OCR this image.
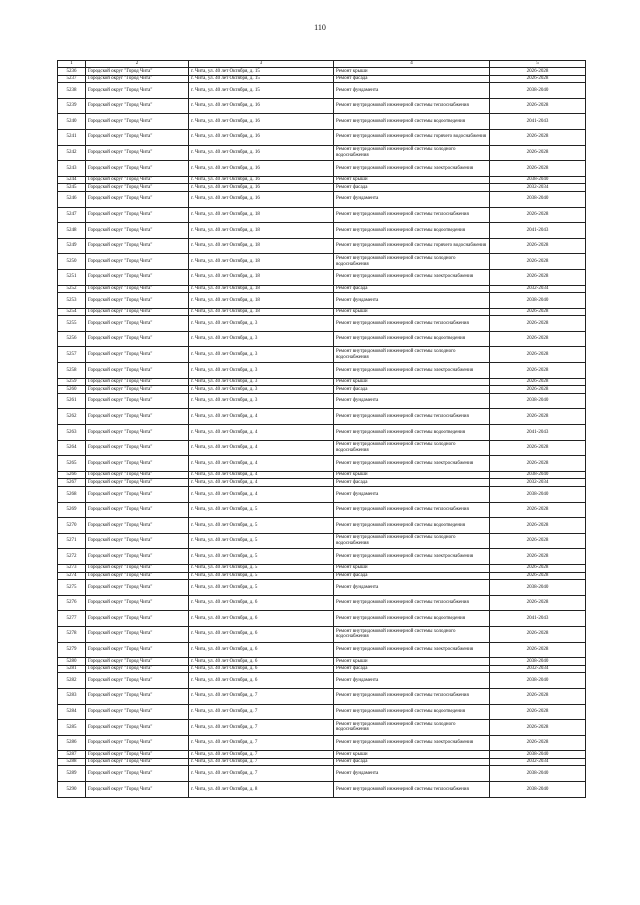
110
1	2	3	4	5
5236	Городской округ "Город Чита"	г. Чита, ул. 40 лет Октября, д. 15	Ремонт крыши	2026-2028
5237	Городской округ "Город Чита"	г. Чита, ул. 40 лет Октября, д. 15	Ремонт фасада	2026-2028
5238	Городской округ "Город Чита"	г. Чита, ул. 40 лет Октября, д. 15	Ремонт фундамента	2038-2040
5239	Городской округ "Город Чита"	г. Чита, ул. 40 лет Октября, д. 16	Ремонт внутридомовой инженерной системы теплоснабжения	2026-2028
5240	Городской округ "Город Чита"	г. Чита, ул. 40 лет Октября, д. 16	Ремонт внутридомовой инженерной системы водоотведения	2041-2043
5241	Городской округ "Город Чита"	г. Чита, ул. 40 лет Октября, д. 16	Ремонт внутридомовой инженерной системы горячего водоснабжения	2026-2028
5242	Городской округ "Город Чита"	г. Чита, ул. 40 лет Октября, д. 16	Ремонт внутридомовой инженерной системы холодного водоснабжения	2026-2028
5243	Городской округ "Город Чита"	г. Чита, ул. 40 лет Октября, д. 16	Ремонт внутридомовой инженерной системы электроснабжения	2026-2028
5244	Городской округ "Город Чита"	г. Чита, ул. 40 лет Октября, д. 16	Ремонт крыши	2038-2040
5245	Городской округ "Город Чита"	г. Чита, ул. 40 лет Октября, д. 16	Ремонт фасада	2032-2034
5246	Городской округ "Город Чита"	г. Чита, ул. 40 лет Октября, д. 16	Ремонт фундамента	2038-2040
5247	Городской округ "Город Чита"	г. Чита, ул. 40 лет Октября, д. 18	Ремонт внутридомовой инженерной системы теплоснабжения	2026-2028
5248	Городской округ "Город Чита"	г. Чита, ул. 40 лет Октября, д. 18	Ремонт внутридомовой инженерной системы водоотведения	2041-2043
5249	Городской округ "Город Чита"	г. Чита, ул. 40 лет Октября, д. 18	Ремонт внутридомовой инженерной системы горячего водоснабжения	2026-2028
5250	Городской округ "Город Чита"	г. Чита, ул. 40 лет Октября, д. 18	Ремонт внутридомовой инженерной системы холодного водоснабжения	2026-2028
5251	Городской округ "Город Чита"	г. Чита, ул. 40 лет Октября, д. 18	Ремонт внутридомовой инженерной системы электроснабжения	2026-2028
5252	Городской округ "Город Чита"	г. Чита, ул. 40 лет Октября, д. 18	Ремонт фасада	2032-2034
5253	Городской округ "Город Чита"	г. Чита, ул. 40 лет Октября, д. 18	Ремонт фундамента	2038-2040
5254	Городской округ "Город Чита"	г. Чита, ул. 40 лет Октября, д. 18	Ремонт крыши	2026-2028
5255	Городской округ "Город Чита"	г. Чита, ул. 40 лет Октября, д. 3	Ремонт внутридомовой инженерной системы теплоснабжения	2026-2028
5256	Городской округ "Город Чита"	г. Чита, ул. 40 лет Октября, д. 3	Ремонт внутридомовой инженерной системы водоотведения	2026-2028
5257	Городской округ "Город Чита"	г. Чита, ул. 40 лет Октября, д. 3	Ремонт внутридомовой инженерной системы холодного водоснабжения	2026-2028
5258	Городской округ "Город Чита"	г. Чита, ул. 40 лет Октября, д. 3	Ремонт внутридомовой инженерной системы электроснабжения	2026-2028
5259	Городской округ "Город Чита"	г. Чита, ул. 40 лет Октября, д. 3	Ремонт крыши	2026-2028
5260	Городской округ "Город Чита"	г. Чита, ул. 40 лет Октября, д. 3	Ремонт фасада	2026-2028
5261	Городской округ "Город Чита"	г. Чита, ул. 40 лет Октября, д. 3	Ремонт фундамента	2038-2040
5262	Городской округ "Город Чита"	г. Чита, ул. 40 лет Октября, д. 4	Ремонт внутридомовой инженерной системы теплоснабжения	2026-2028
5263	Городской округ "Город Чита"	г. Чита, ул. 40 лет Октября, д. 4	Ремонт внутридомовой инженерной системы водоотведения	2041-2043
5264	Городской округ "Город Чита"	г. Чита, ул. 40 лет Октября, д. 4	Ремонт внутридомовой инженерной системы холодного водоснабжения	2026-2028
5265	Городской округ "Город Чита"	г. Чита, ул. 40 лет Октября, д. 4	Ремонт внутридомовой инженерной системы электроснабжения	2026-2028
5266	Городской округ "Город Чита"	г. Чита, ул. 40 лет Октября, д. 4	Ремонт крыши	2038-2040
5267	Городской округ "Город Чита"	г. Чита, ул. 40 лет Октября, д. 4	Ремонт фасада	2032-2034
5268	Городской округ "Город Чита"	г. Чита, ул. 40 лет Октября, д. 4	Ремонт фундамента	2038-2040
5269	Городской округ "Город Чита"	г. Чита, ул. 40 лет Октября, д. 5	Ремонт внутридомовой инженерной системы теплоснабжения	2026-2028
5270	Городской округ "Город Чита"	г. Чита, ул. 40 лет Октября, д. 5	Ремонт внутридомовой инженерной системы водоотведения	2026-2028
5271	Городской округ "Город Чита"	г. Чита, ул. 40 лет Октября, д. 5	Ремонт внутридомовой инженерной системы холодного водоснабжения	2026-2028
5272	Городской округ "Город Чита"	г. Чита, ул. 40 лет Октября, д. 5	Ремонт внутридомовой инженерной системы электроснабжения	2026-2028
5273	Городской округ "Город Чита"	г. Чита, ул. 40 лет Октября, д. 5	Ремонт крыши	2026-2028
5274	Городской округ "Город Чита"	г. Чита, ул. 40 лет Октября, д. 5	Ремонт фасада	2026-2028
5275	Городской округ "Город Чита"	г. Чита, ул. 40 лет Октября, д. 5	Ремонт фундамента	2038-2040
5276	Городской округ "Город Чита"	г. Чита, ул. 40 лет Октября, д. 6	Ремонт внутридомовой инженерной системы теплоснабжения	2026-2028
5277	Городской округ "Город Чита"	г. Чита, ул. 40 лет Октября, д. 6	Ремонт внутридомовой инженерной системы водоотведения	2041-2043
5278	Городской округ "Город Чита"	г. Чита, ул. 40 лет Октября, д. 6	Ремонт внутридомовой инженерной системы холодного водоснабжения	2026-2028
5279	Городской округ "Город Чита"	г. Чита, ул. 40 лет Октября, д. 6	Ремонт внутридомовой инженерной системы электроснабжения	2026-2028
5280	Городской округ "Город Чита"	г. Чита, ул. 40 лет Октября, д. 6	Ремонт крыши	2038-2040
5281	Городской округ "Город Чита"	г. Чита, ул. 40 лет Октября, д. 6	Ремонт фасада	2032-2034
5282	Городской округ "Город Чита"	г. Чита, ул. 40 лет Октября, д. 6	Ремонт фундамента	2038-2040
5283	Городской округ "Город Чита"	г. Чита, ул. 40 лет Октября, д. 7	Ремонт внутридомовой инженерной системы теплоснабжения	2026-2028
5284	Городской округ "Город Чита"	г. Чита, ул. 40 лет Октября, д. 7	Ремонт внутридомовой инженерной системы водоотведения	2026-2028
5285	Городской округ "Город Чита"	г. Чита, ул. 40 лет Октября, д. 7	Ремонт внутридомовой инженерной системы холодного водоснабжения	2026-2028
5286	Городской округ "Город Чита"	г. Чита, ул. 40 лет Октября, д. 7	Ремонт внутридомовой инженерной системы электроснабжения	2026-2028
5287	Городской округ "Город Чита"	г. Чита, ул. 40 лет Октября, д. 7	Ремонт крыши	2038-2040
5288	Городской округ "Город Чита"	г. Чита, ул. 40 лет Октября, д. 7	Ремонт фасада	2032-2034
5289	Городской округ "Город Чита"	г. Чита, ул. 40 лет Октября, д. 7	Ремонт фундамента	2038-2040
5290	Городской округ "Город Чита"	г. Чита, ул. 40 лет Октября, д. 8	Ремонт внутридомовой инженерной системы теплоснабжения	2038-2040
